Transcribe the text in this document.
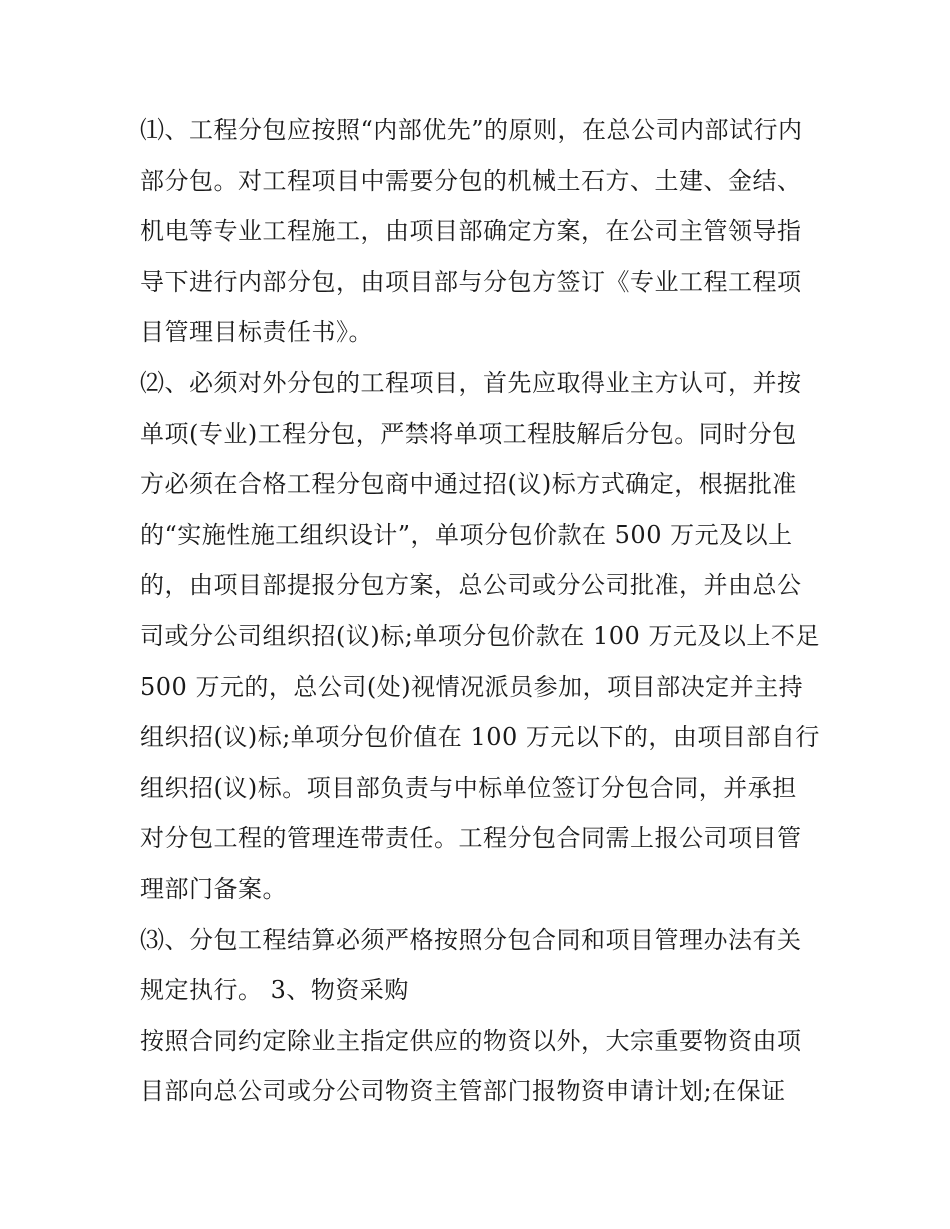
⑴、工程分包应按照“内部优先”的原则，在总公司内部试行内
部分包。对工程项目中需要分包的机械土石方、土建、金结、
机电等专业工程施工，由项目部确定方案，在公司主管领导指
导下进行内部分包，由项目部与分包方签订《专业工程工程项
目管理目标责任书》。
⑵、必须对外分包的工程项目，首先应取得业主方认可，并按
单项(专业)工程分包，严禁将单项工程肢解后分包。同时分包
方必须在合格工程分包商中通过招(议)标方式确定，根据批准
的“实施性施工组织设计”，单项分包价款在 500 万元及以上
的，由项目部提报分包方案，总公司或分公司批准，并由总公
司或分公司组织招(议)标;单项分包价款在 100 万元及以上不足
500 万元的，总公司(处)视情况派员参加，项目部决定并主持
组织招(议)标;单项分包价值在 100 万元以下的，由项目部自行
组织招(议)标。项目部负责与中标单位签订分包合同，并承担
对分包工程的管理连带责任。工程分包合同需上报公司项目管
理部门备案。
⑶、分包工程结算必须严格按照分包合同和项目管理办法有关
规定执行。 3、物资采购
按照合同约定除业主指定供应的物资以外，大宗重要物资由项
目部向总公司或分公司物资主管部门报物资申请计划;在保证
